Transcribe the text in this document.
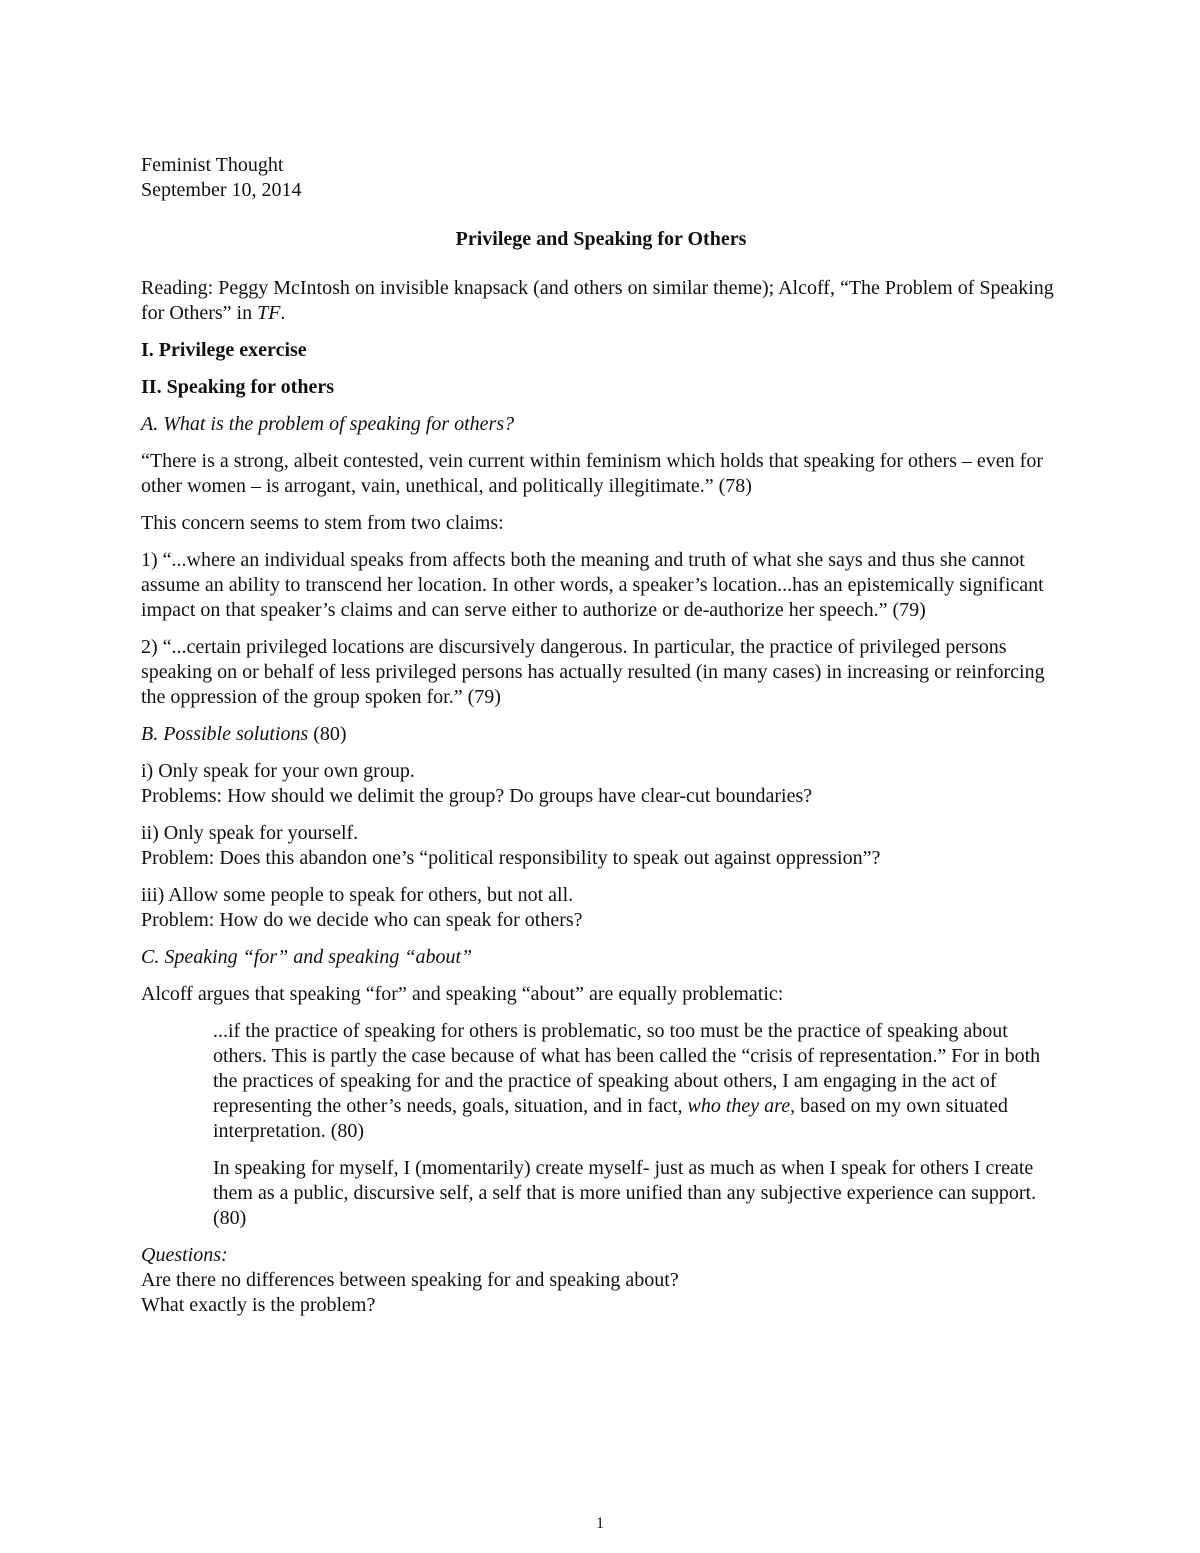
Feminist Thought

September 10, 2014

Privilege and Speaking for Others

Reading: Peggy McIntosh on invisible knapsack (and others on similar theme); Alcoff, “The Problem of Speaking for Others” in TF.

I. Privilege exercise

II. Speaking for others

A. What is the problem of speaking for others?

“There is a strong, albeit contested, vein current within feminism which holds that speaking for others – even for other women – is arrogant, vain, unethical, and politically illegitimate.” (78)

This concern seems to stem from two claims:

1) “...where an individual speaks from affects both the meaning and truth of what she says and thus she cannot assume an ability to transcend her location. In other words, a speaker’s location...has an epistemically significant impact on that speaker’s claims and can serve either to authorize or de-authorize her speech.” (79)

2) “...certain privileged locations are discursively dangerous. In particular, the practice of privileged persons speaking on or behalf of less privileged persons has actually resulted (in many cases) in increasing or reinforcing the oppression of the group spoken for.” (79)

B. Possible solutions (80)

i) Only speak for your own group.

Problems: How should we delimit the group? Do groups have clear-cut boundaries?

ii) Only speak for yourself.

Problem: Does this abandon one’s “political responsibility to speak out against oppression”?

iii) Allow some people to speak for others, but not all.

Problem: How do we decide who can speak for others?

C. Speaking “for” and speaking “about”

Alcoff argues that speaking “for” and speaking “about” are equally problematic:

...if the practice of speaking for others is problematic, so too must be the practice of speaking about others. This is partly the case because of what has been called the “crisis of representation.” For in both the practices of speaking for and the practice of speaking about others, I am engaging in the act of representing the other’s needs, goals, situation, and in fact, who they are, based on my own situated interpretation. (80)

In speaking for myself, I (momentarily) create myself- just as much as when I speak for others I create them as a public, discursive self, a self that is more unified than any subjective experience can support. (80)

Questions:

Are there no differences between speaking for and speaking about?

What exactly is the problem?

1
